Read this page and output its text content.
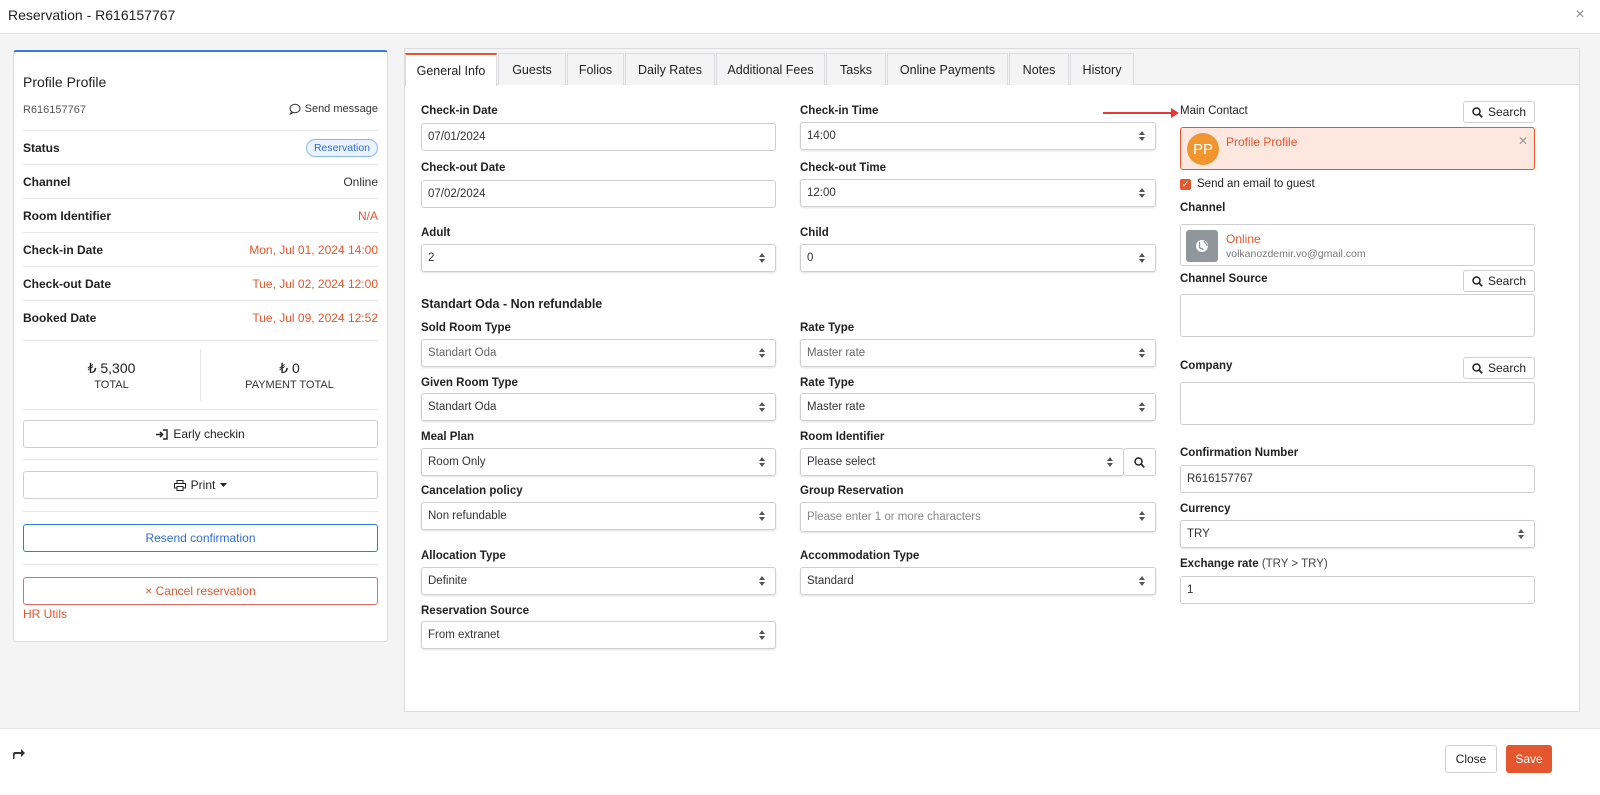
Reservation - R616157767	×
Profile Profile
R616157767	Send message
Status	Reservation
Channel	Online
Room Identifier	N/A
Check-in Date	Mon, Jul 01, 2024 14:00
Check-out Date	Tue, Jul 02, 2024 12:00
Booked Date	Tue, Jul 09, 2024 12:52
₺ 5,300
TOTAL
₺ 0
PAYMENT TOTAL
Early checkin
Print
Resend confirmation
× Cancel reservation
HR Utils
General Info	Guests	Folios	Daily Rates	Additional Fees	Tasks	Online Payments	Notes	History
Check-in Date
07/01/2024
Check-out Date
07/02/2024
Adult
2
Standart Oda - Non refundable
Sold Room Type
Standart Oda
Given Room Type
Standart Oda
Meal Plan
Room Only
Cancelation policy
Non refundable
Allocation Type
Definite
Reservation Source
From extranet
Check-in Time
14:00
Check-out Time
12:00
Child
0
Rate Type
Master rate
Rate Type
Master rate
Room Identifier
Please select
Group Reservation
Please enter 1 or more characters
Accommodation Type
Standard
Main Contact	Search
PP	Profile Profile	✕
✓ Send an email to guest
Channel
Online
volkanozdemir.vo@gmail.com
Channel Source	Search
Company	Search
Confirmation Number
R616157767
Currency
TRY
Exchange rate (TRY > TRY)
1
Close	Save
